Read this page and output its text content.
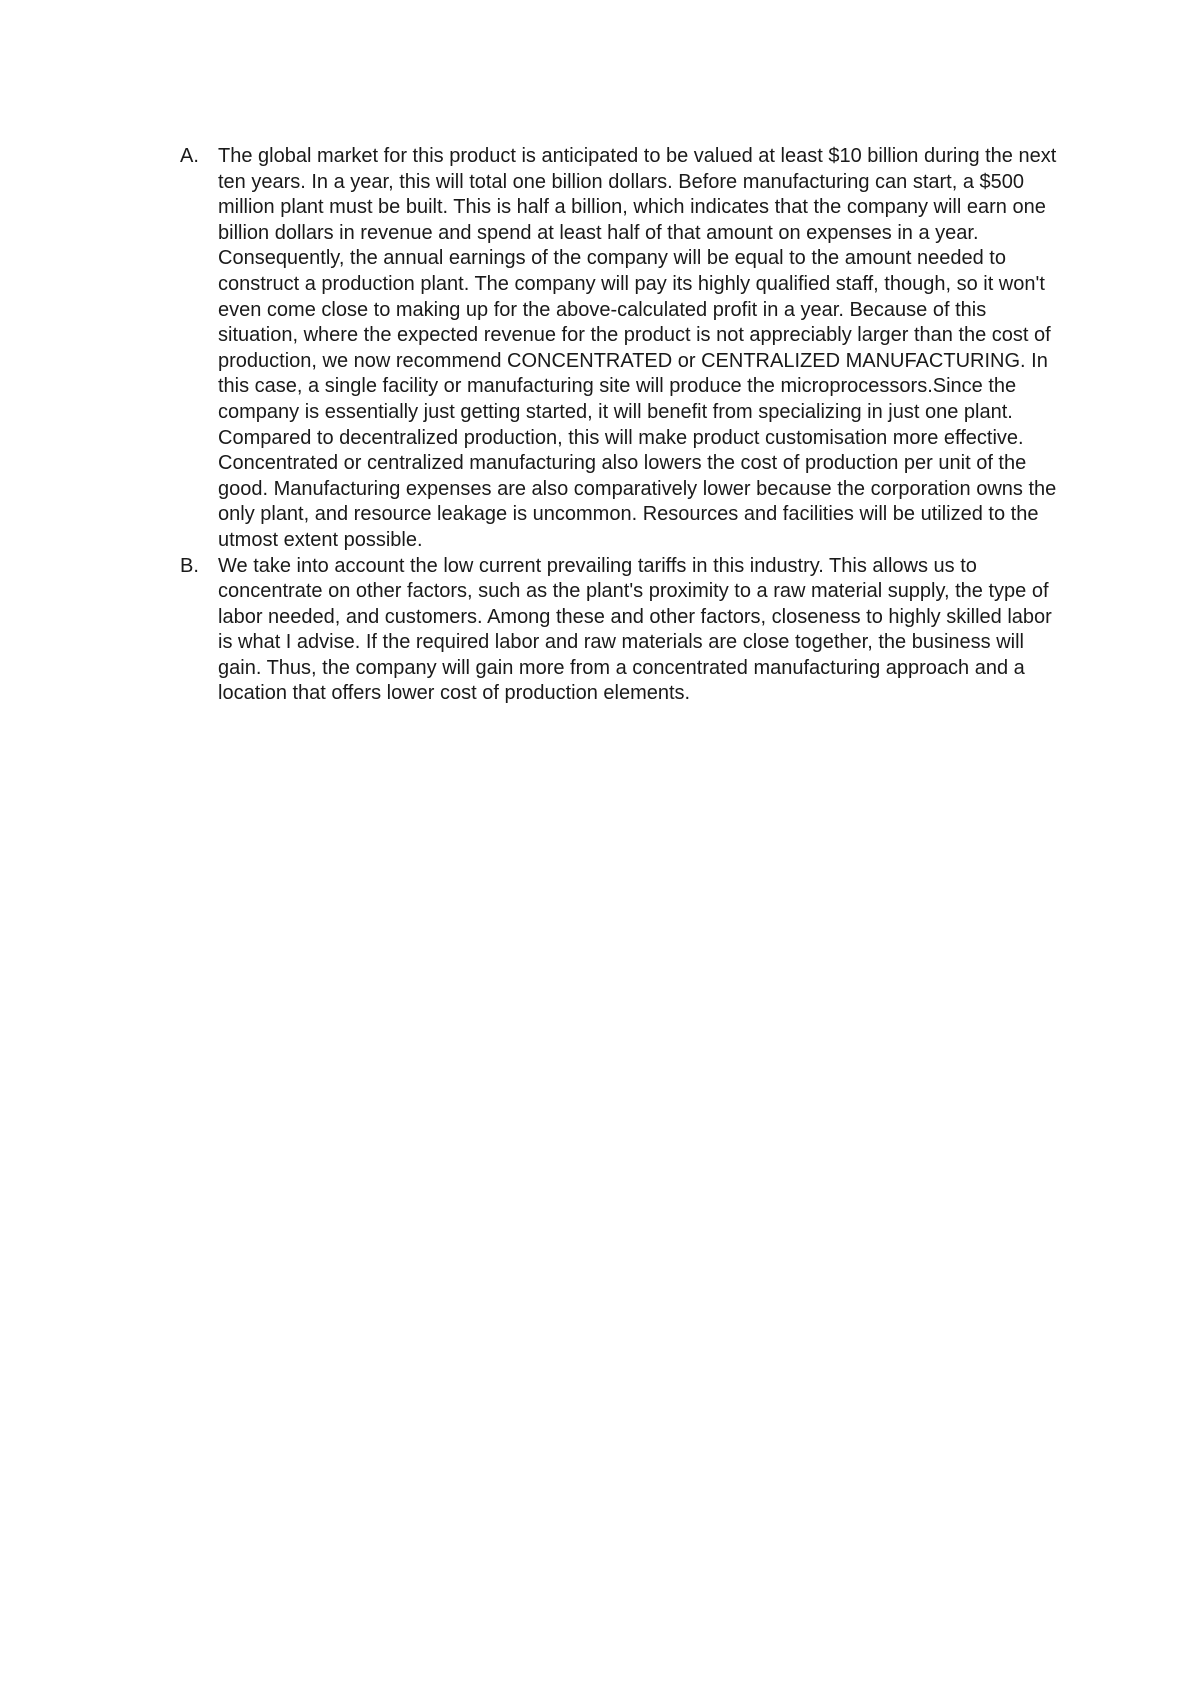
A. The global market for this product is anticipated to be valued at least $10 billion during the next ten years. In a year, this will total one billion dollars. Before manufacturing can start, a $500 million plant must be built. This is half a billion, which indicates that the company will earn one billion dollars in revenue and spend at least half of that amount on expenses in a year. Consequently, the annual earnings of the company will be equal to the amount needed to construct a production plant. The company will pay its highly qualified staff, though, so it won't even come close to making up for the above-calculated profit in a year. Because of this situation, where the expected revenue for the product is not appreciably larger than the cost of production, we now recommend CONCENTRATED or CENTRALIZED MANUFACTURING. In this case, a single facility or manufacturing site will produce the microprocessors.Since the company is essentially just getting started, it will benefit from specializing in just one plant. Compared to decentralized production, this will make product customisation more effective. Concentrated or centralized manufacturing also lowers the cost of production per unit of the good. Manufacturing expenses are also comparatively lower because the corporation owns the only plant, and resource leakage is uncommon. Resources and facilities will be utilized to the utmost extent possible.
B. We take into account the low current prevailing tariffs in this industry. This allows us to concentrate on other factors, such as the plant's proximity to a raw material supply, the type of labor needed, and customers. Among these and other factors, closeness to highly skilled labor is what I advise. If the required labor and raw materials are close together, the business will gain. Thus, the company will gain more from a concentrated manufacturing approach and a location that offers lower cost of production elements.
